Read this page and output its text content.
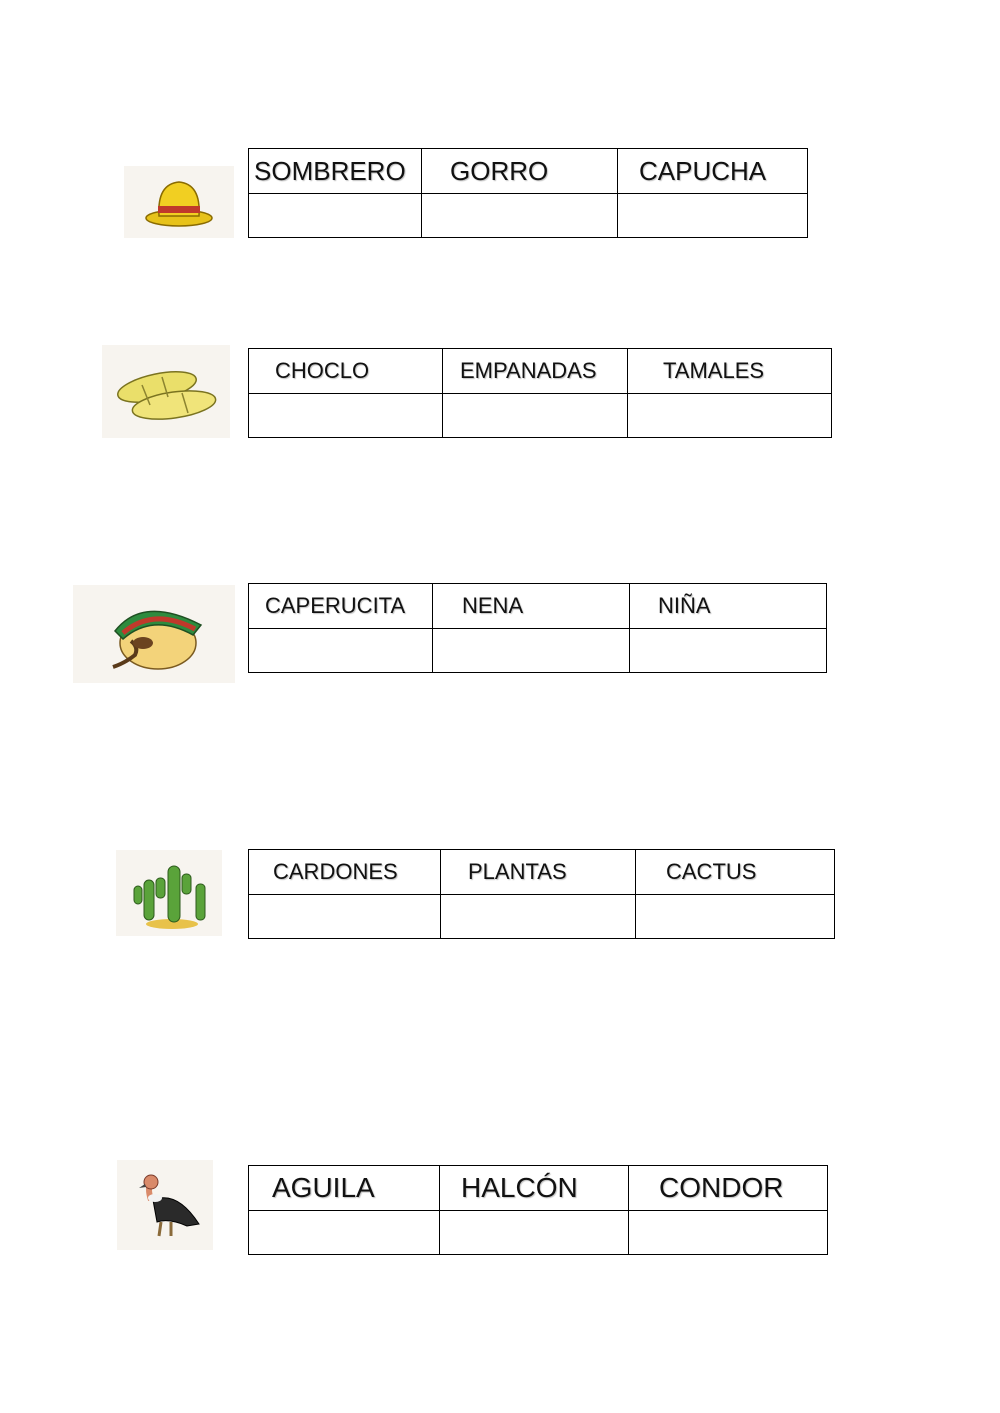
SOMBRERO	GORRO	CAPUCHA

CHOCLO	EMPANADAS	TAMALES

CAPERUCITA	NENA	NIÑA

CARDONES	PLANTAS	CACTUS

AGUILA	HALCÓN	CONDOR
